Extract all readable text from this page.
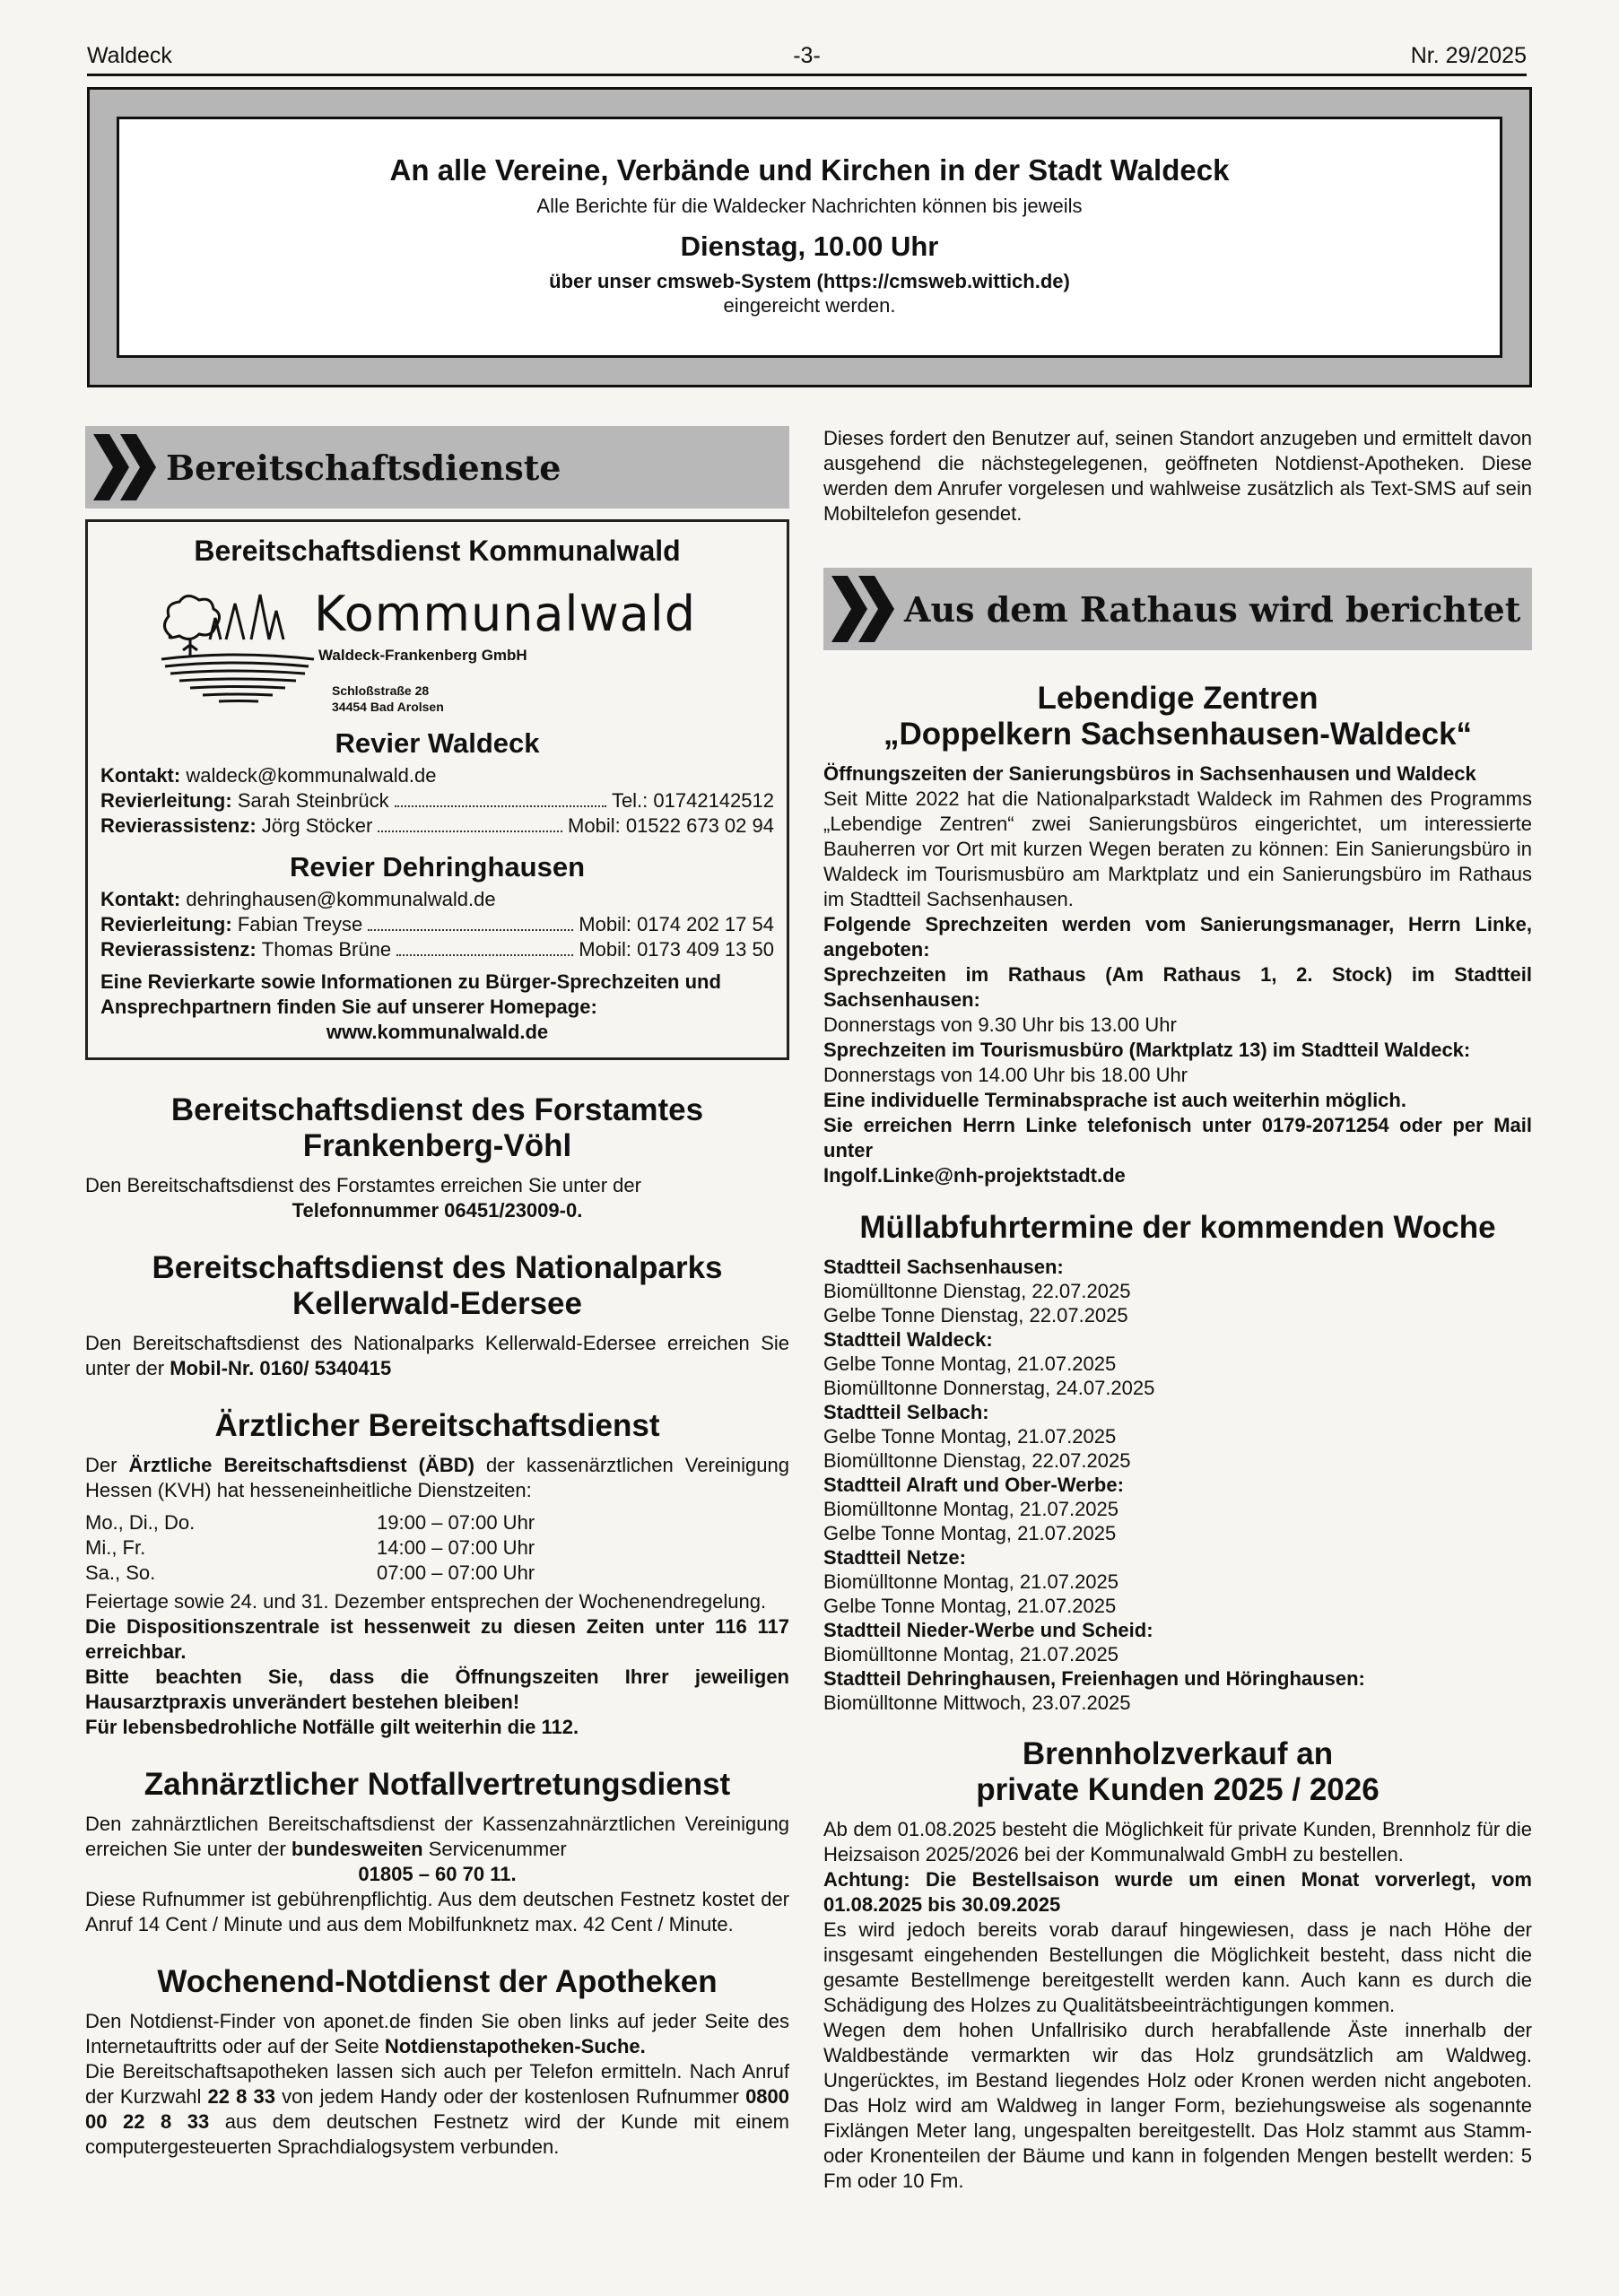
Waldeck	-3-	Nr. 29/2025
An alle Vereine, Verbände und Kirchen in der Stadt Waldeck
Alle Berichte für die Waldecker Nachrichten können bis jeweils
Dienstag, 10.00 Uhr
über unser cmsweb-System (https://cmsweb.wittich.de)
eingereicht werden.
Bereitschaftsdienste
Bereitschaftsdienst Kommunalwald
Kommunalwald
Waldeck-Frankenberg GmbH
Schloßstraße 28
34454 Bad Arolsen
Revier Waldeck
Kontakt:
waldeck@kommunalwald.de
Revierleitung:
Sarah Steinbrück	Tel.: 01742142512
Revierassistenz:
Jörg Stöcker	Mobil: 01522 673 02 94
Revier Dehringhausen
Kontakt:
dehringhausen@kommunalwald.de
Revierleitung:
Fabian Treyse	Mobil: 0174 202 17 54
Revierassistenz:
Thomas Brüne	Mobil: 0173 409 13 50
Eine Revierkarte sowie Informationen zu Bürger-Sprechzeiten und
Ansprechpartnern finden Sie auf unserer Homepage:
www.kommunalwald.de
Bereitschaftsdienst des Forstamtes
Frankenberg-Vöhl

Den Bereitschaftsdienst des Forstamtes erreichen Sie unter der

Telefonnummer 06451/23009-0.

Bereitschaftsdienst des Nationalparks
Kellerwald-Edersee

Den Bereitschaftsdienst des Nationalparks Kellerwald-Edersee erreichen Sie unter der Mobil-Nr. 0160/ 5340415

Ärztlicher Bereitschaftsdienst

Der Ärztliche Bereitschaftsdienst (ÄBD) der kassenärztlichen Vereinigung Hessen (KVH) hat hesseneinheitliche Dienstzeiten:

Mo., Di., Do.	19:00 – 07:00 Uhr
Mi., Fr.	14:00 – 07:00 Uhr
Sa., So.	07:00 – 07:00 Uhr

Feiertage sowie 24. und 31. Dezember entsprechen der Wochenendregelung.

Die Dispositionszentrale ist hessenweit zu diesen Zeiten unter 116 117 erreichbar.

Bitte beachten Sie, dass die Öffnungszeiten Ihrer jeweiligen Hausarztpraxis unverändert bestehen bleiben!

Für lebensbedrohliche Notfälle gilt weiterhin die 112.

Zahnärztlicher Notfallvertretungsdienst

Den zahnärztlichen Bereitschaftsdienst der Kassenzahnärztlichen Vereinigung erreichen Sie unter der bundesweiten Servicenummer

01805 – 60 70 11.

Diese Rufnummer ist gebührenpflichtig. Aus dem deutschen Festnetz kostet der Anruf 14 Cent / Minute und aus dem Mobilfunknetz max. 42 Cent / Minute.

Wochenend-Notdienst der Apotheken

Den Notdienst-Finder von aponet.de finden Sie oben links auf jeder Seite des Internetauftritts oder auf der Seite Notdienstapotheken-Suche.

Die Bereitschaftsapotheken lassen sich auch per Telefon ermitteln. Nach Anruf der Kurzwahl 22 8 33 von jedem Handy oder der kostenlosen Rufnummer 0800 00 22 8 33 aus dem deutschen Festnetz wird der Kunde mit einem computergesteuerten Sprachdialogsystem verbunden.

Dieses fordert den Benutzer auf, seinen Standort anzugeben und ermittelt davon ausgehend die nächstegelegenen, geöffneten Notdienst-Apotheken. Diese werden dem Anrufer vorgelesen und wahlweise zusätzlich als Text-SMS auf sein Mobiltelefon gesendet.

Aus dem Rathaus wird berichtet
Lebendige Zentren
„Doppelkern Sachsenhausen-Waldeck“

Öffnungszeiten der Sanierungsbüros in Sachsenhausen und Waldeck

Seit Mitte 2022 hat die Nationalparkstadt Waldeck im Rahmen des Programms „Lebendige Zentren“ zwei Sanierungsbüros eingerichtet, um interessierte Bauherren vor Ort mit kurzen Wegen beraten zu können: Ein Sanierungsbüro in Waldeck im Tourismusbüro am Marktplatz und ein Sanierungsbüro im Rathaus im Stadtteil Sachsenhausen.

Folgende Sprechzeiten werden vom Sanierungsmanager, Herrn Linke, angeboten:

Sprechzeiten im Rathaus (Am Rathaus 1, 2. Stock) im Stadtteil Sachsenhausen:

Donnerstags von 9.30 Uhr bis 13.00 Uhr

Sprechzeiten im Tourismusbüro (Marktplatz 13) im Stadtteil Waldeck:

Donnerstags von 14.00 Uhr bis 18.00 Uhr

Eine individuelle Terminabsprache ist auch weiterhin möglich.

Sie erreichen Herrn Linke telefonisch unter 0179-2071254 oder per Mail unter

Ingolf.Linke@nh-projektstadt.de

Müllabfuhrtermine der kommenden Woche
Stadtteil Sachsenhausen:
Biomülltonne Dienstag, 22.07.2025
Gelbe Tonne Dienstag, 22.07.2025
Stadtteil Waldeck:
Gelbe Tonne Montag, 21.07.2025
Biomülltonne Donnerstag, 24.07.2025
Stadtteil Selbach:
Gelbe Tonne Montag, 21.07.2025
Biomülltonne Dienstag, 22.07.2025
Stadtteil Alraft und Ober-Werbe:
Biomülltonne Montag, 21.07.2025
Gelbe Tonne Montag, 21.07.2025
Stadtteil Netze:
Biomülltonne Montag, 21.07.2025
Gelbe Tonne Montag, 21.07.2025
Stadtteil Nieder-Werbe und Scheid:
Biomülltonne Montag, 21.07.2025
Stadtteil Dehringhausen, Freienhagen und Höringhausen:
Biomülltonne Mittwoch, 23.07.2025
Brennholzverkauf an
private Kunden 2025 / 2026

Ab dem 01.08.2025 besteht die Möglichkeit für private Kunden, Brennholz für die Heizsaison 2025/2026 bei der Kommunalwald GmbH zu bestellen.

Achtung: Die Bestellsaison wurde um einen Monat vorverlegt, vom 01.08.2025 bis 30.09.2025

Es wird jedoch bereits vorab darauf hingewiesen, dass je nach Höhe der insgesamt eingehenden Bestellungen die Möglichkeit besteht, dass nicht die gesamte Bestellmenge bereitgestellt werden kann. Auch kann es durch die Schädigung des Holzes zu Qualitätsbeeinträchtigungen kommen.

Wegen dem hohen Unfallrisiko durch herabfallende Äste innerhalb der Waldbestände vermarkten wir das Holz grundsätzlich am Waldweg. Ungerücktes, im Bestand liegendes Holz oder Kronen werden nicht angeboten. Das Holz wird am Waldweg in langer Form, beziehungsweise als sogenannte Fixlängen Meter lang, ungespalten bereitgestellt. Das Holz stammt aus Stamm- oder Kronenteilen der Bäume und kann in folgenden Mengen bestellt werden: 5 Fm oder 10 Fm.
